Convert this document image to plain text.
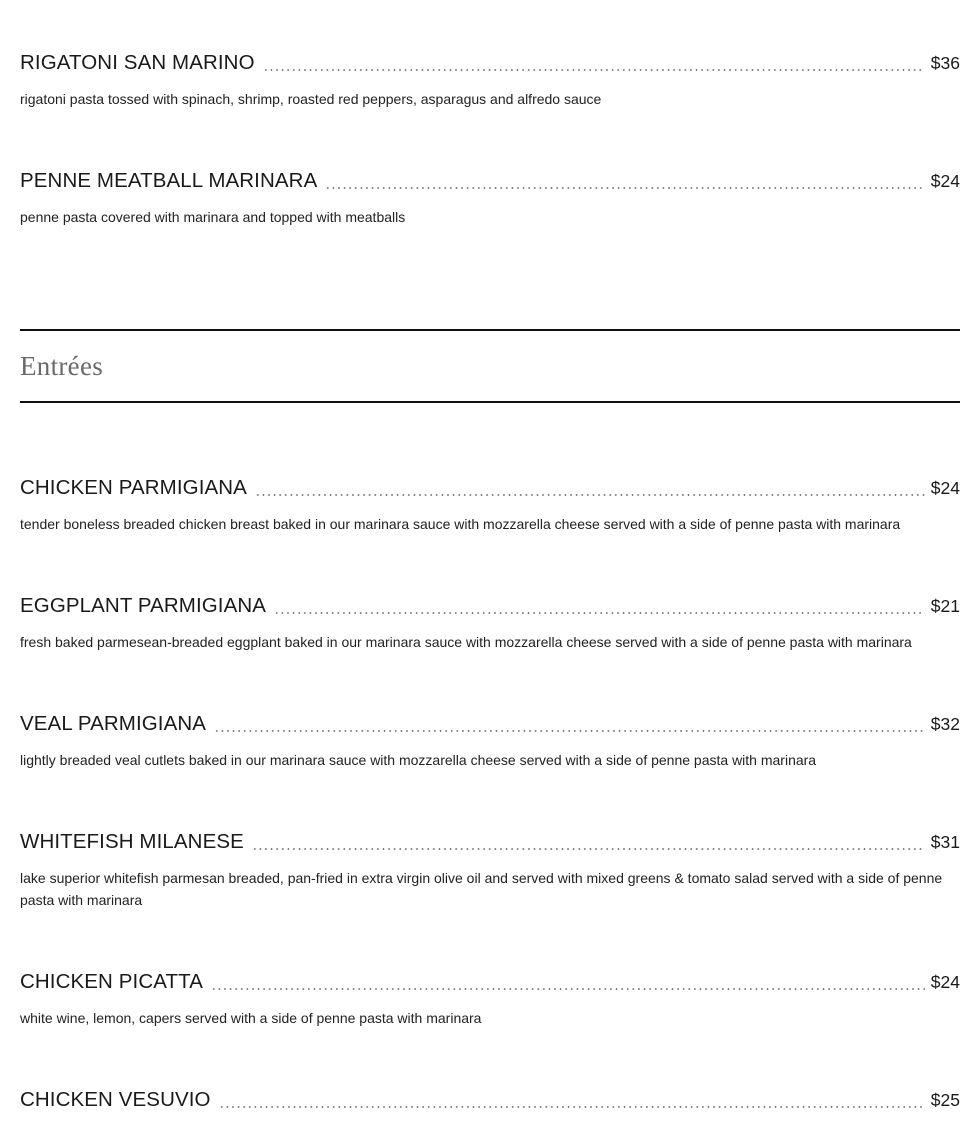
RIGATONI SAN MARINO	$36
rigatoni pasta tossed with spinach, shrimp, roasted red peppers, asparagus and alfredo sauce
PENNE MEATBALL MARINARA	$24
penne pasta covered with marinara and topped with meatballs
Entrées
CHICKEN PARMIGIANA	$24
tender boneless breaded chicken breast baked in our marinara sauce with mozzarella cheese served with a side of penne pasta with marinara
EGGPLANT PARMIGIANA	$21
fresh baked parmesean-breaded eggplant baked in our marinara sauce with mozzarella cheese served with a side of penne pasta with marinara
VEAL PARMIGIANA	$32
lightly breaded veal cutlets baked in our marinara sauce with mozzarella cheese served with a side of penne pasta with marinara
WHITEFISH MILANESE	$31
lake superior whitefish parmesan breaded, pan-fried in extra virgin olive oil and served with mixed greens & tomato salad served with a side of penne pasta with marinara
CHICKEN PICATTA	$24
white wine, lemon, capers served with a side of penne pasta with marinara
CHICKEN VESUVIO	$25
